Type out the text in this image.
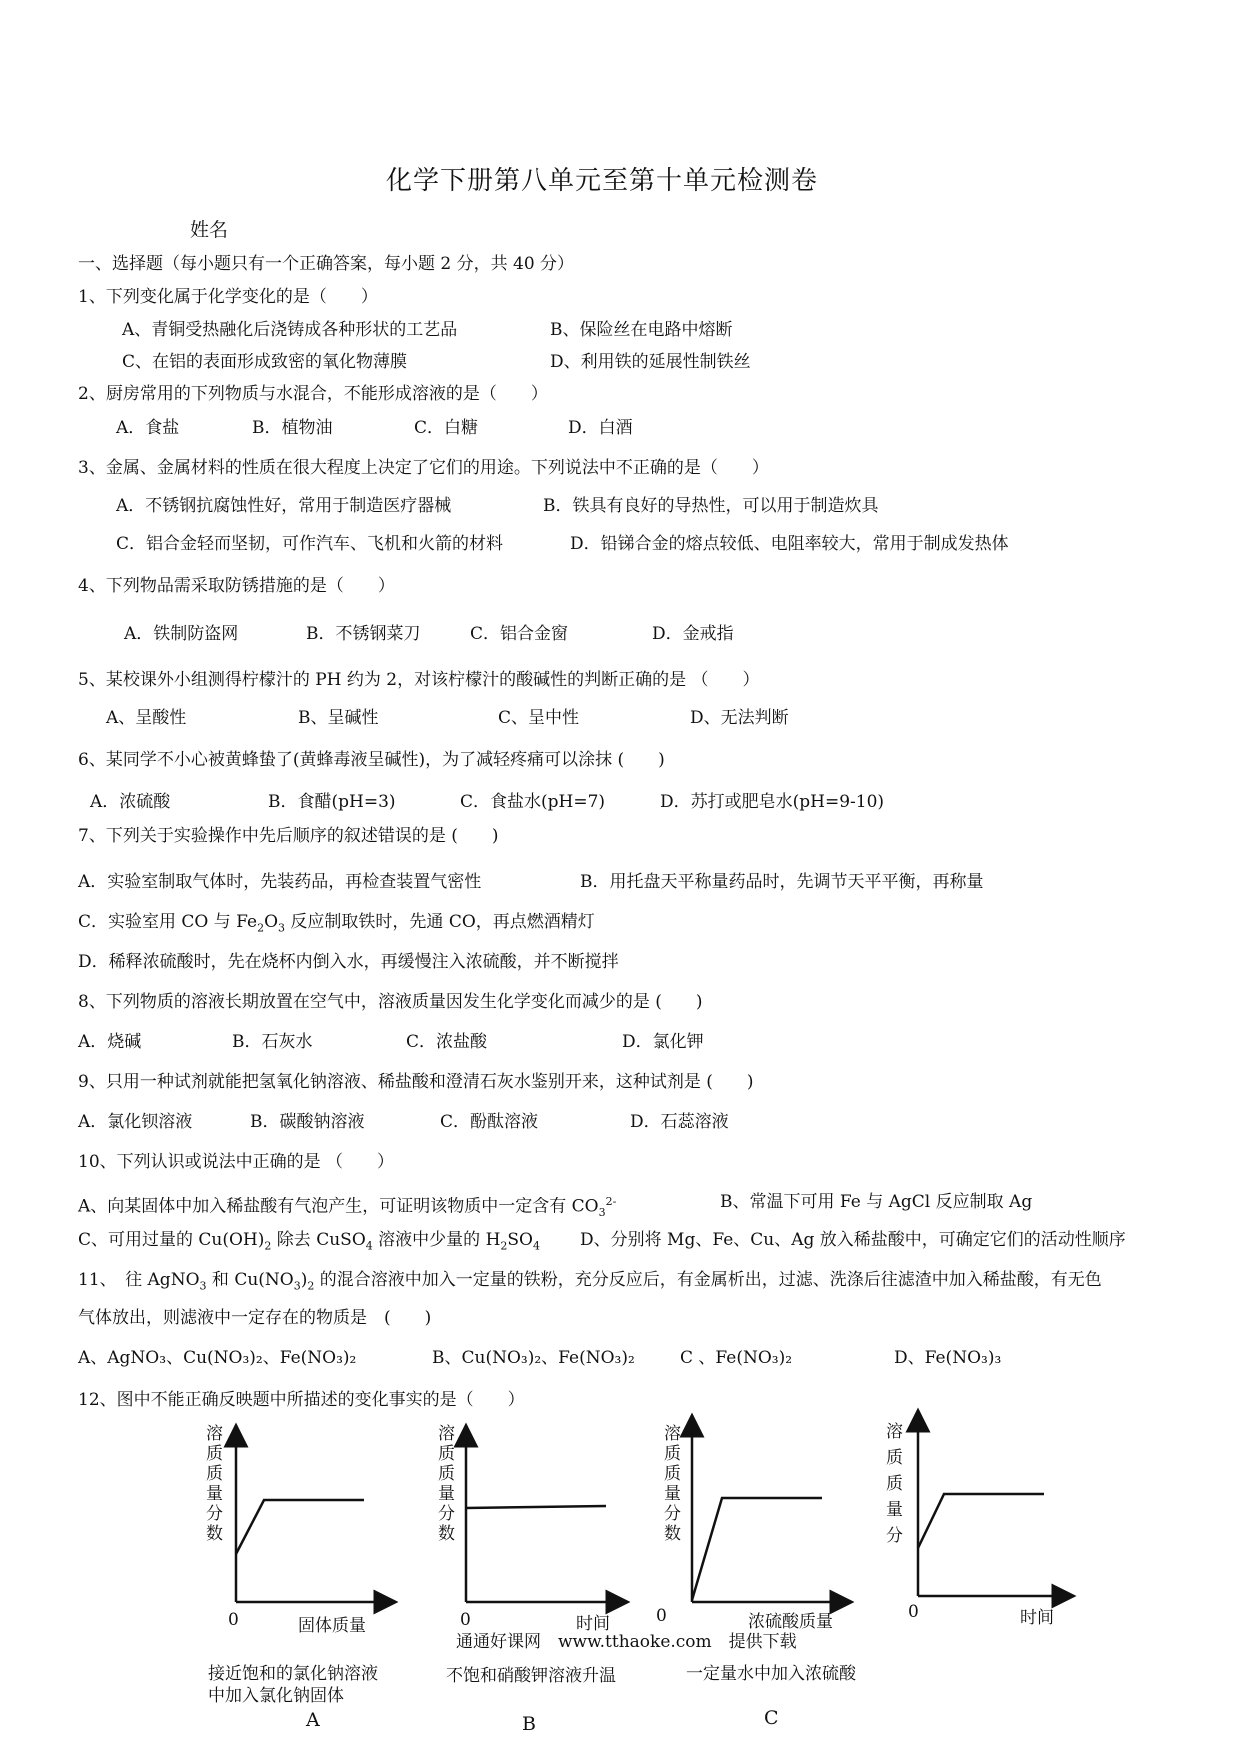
化学下册第八单元至第十单元检测卷
姓名
一、选择题（每小题只有一个正确答案，每小题 2 分，共 40 分）
1、下列变化属于化学变化的是（　　）
A、青铜受热融化后浇铸成各种形状的工艺品	B、保险丝在电路中熔断
C、在铝的表面形成致密的氧化物薄膜	D、利用铁的延展性制铁丝
2、厨房常用的下列物质与水混合，不能形成溶液的是（　　）
A．食盐	B．植物油	C．白糖	D．白酒
3、金属、金属材料的性质在很大程度上决定了它们的用途。下列说法中不正确的是（　　）
A．不锈钢抗腐蚀性好，常用于制造医疗器械	B．铁具有良好的导热性，可以用于制造炊具
C．铝合金轻而坚韧，可作汽车、飞机和火箭的材料	D．铅锑合金的熔点较低、电阻率较大，常用于制成发热体
4、下列物品需采取防锈措施的是（　　）
A．铁制防盗网	B．不锈钢菜刀	C．铝合金窗	D．金戒指
5、某校课外小组测得柠檬汁的 PH 约为 2，对该柠檬汁的酸碱性的判断正确的是 （　　）
A、呈酸性	B、呈碱性	C、呈中性	D、无法判断
6、某同学不小心被黄蜂蛰了(黄蜂毒液呈碱性)，为了减轻疼痛可以涂抹 (　　)
A．浓硫酸	B．食醋(pH=3)	C．食盐水(pH=7)	D．苏打或肥皂水(pH=9-10)
7、下列关于实验操作中先后顺序的叙述错误的是 (　　)
A．实验室制取气体时，先装药品，再检查装置气密性	B．用托盘天平称量药品时，先调节天平平衡，再称量
C．实验室用 CO 与 $Fe_2O_3$ 反应制取铁时，先通 CO，再点燃酒精灯
D．稀释浓硫酸时，先在烧杯内倒入水，再缓慢注入浓硫酸，并不断搅拌
8、下列物质的溶液长期放置在空气中，溶液质量因发生化学变化而减少的是 (　　)
A．烧碱	B．石灰水	C．浓盐酸	D．氯化钾
9、只用一种试剂就能把氢氧化钠溶液、稀盐酸和澄清石灰水鉴别开来，这种试剂是 (　　)
A．氯化钡溶液	B．碳酸钠溶液	C．酚酞溶液	D．石蕊溶液
10、下列认识或说法中正确的是 （　　）
A、向某固体中加入稀盐酸有气泡产生，可证明该物质中一定含有 $CO_3^{2-}$	B、常温下可用 Fe 与 AgCl 反应制取 Ag
C、可用过量的 $Cu(OH)_2$ 除去 CuSO$_4$ 溶液中少量的 $H_2SO_4$ D、分别将 Mg、Fe、Cu、Ag 放入稀盐酸中，可确定它们的活动性顺序
11、　往 AgNO$_3$ 和 $Cu(NO_3)_2$ 的混合溶液中加入一定量的铁粉，充分反应后，有金属析出，过滤、洗涤后往滤渣中加入稀盐酸，有无色
气体放出，则滤液中一定存在的物质是　(　　)
A、AgNO₃、Cu(NO₃)₂、Fe(NO₃)₂	B、Cu(NO₃)₂、Fe(NO₃)₂	C 、Fe(NO₃)₂	D、Fe(NO₃)₃
12、图中不能正确反映题中所描述的变化事实的是（　　）
溶
质
质
量
分
数
0	固体质量
接近饱和的氯化钠溶液
中加入氯化钠固体
A
溶
质
质
量
分
数
0	时间
不饱和硝酸钾溶液升温
B
溶
质
质
量
分
数
0	浓硫酸质量
一定量水中加入浓硫酸
C
溶
质
质
量
分
0	时间
通通好课网　www.tthaoke.com　提供下载
